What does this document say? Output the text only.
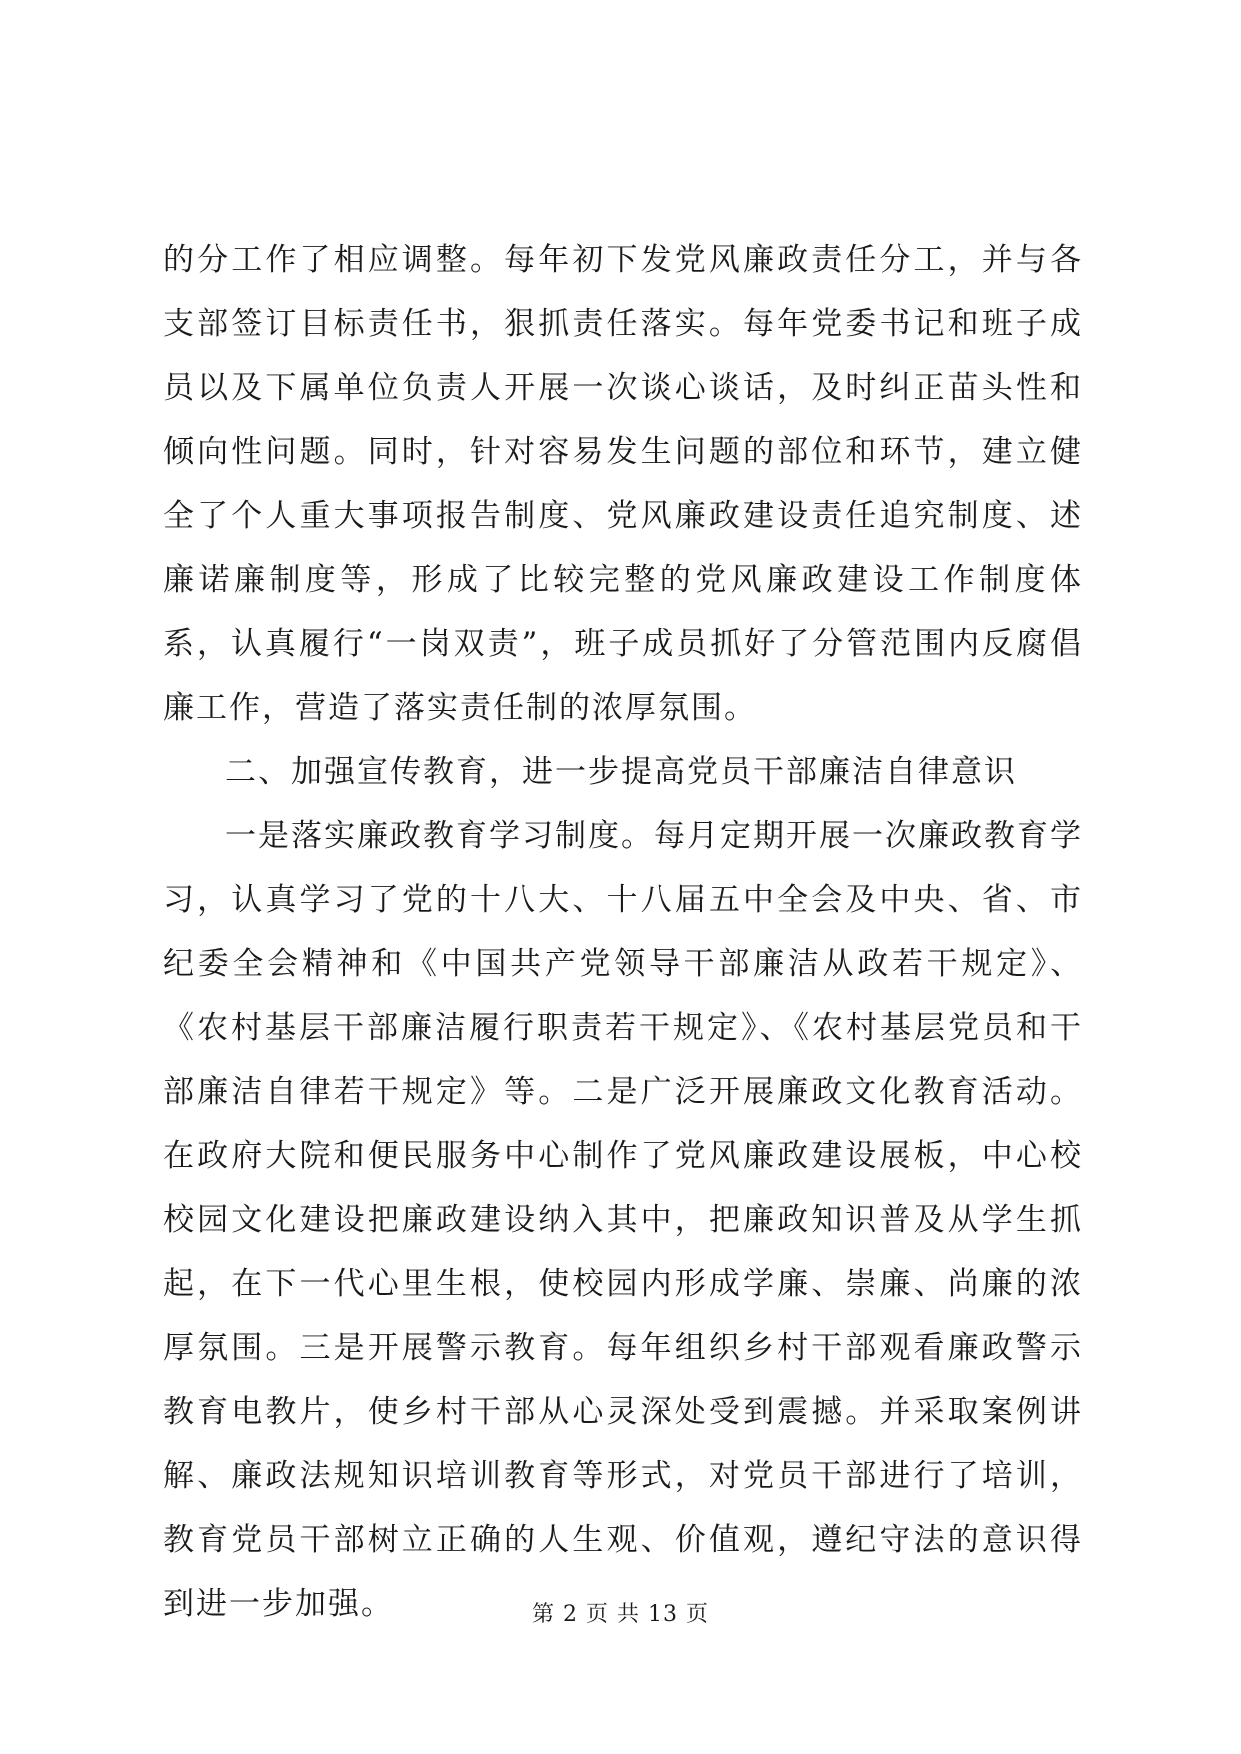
的分工作了相应调整。每年初下发党风廉政责任分工，并与各支部签订目标责任书，狠抓责任落实。每年党委书记和班子成员以及下属单位负责人开展一次谈心谈话，及时纠正苗头性和倾向性问题。同时，针对容易发生问题的部位和环节，建立健全了个人重大事项报告制度、党风廉政建设责任追究制度、述廉诺廉制度等，形成了比较完整的党风廉政建设工作制度体系，认真履行“一岗双责”，班子成员抓好了分管范围内反腐倡廉工作，营造了落实责任制的浓厚氛围。

二、加强宣传教育，进一步提高党员干部廉洁自律意识

一是落实廉政教育学习制度。每月定期开展一次廉政教育学习，认真学习了党的十八大、十八届五中全会及中央、省、市纪委全会精神和《中国共产党领导干部廉洁从政若干规定》、《农村基层干部廉洁履行职责若干规定》、《农村基层党员和干部廉洁自律若干规定》等。二是广泛开展廉政文化教育活动。在政府大院和便民服务中心制作了党风廉政建设展板，中心校校园文化建设把廉政建设纳入其中，把廉政知识普及从学生抓起，在下一代心里生根，使校园内形成学廉、崇廉、尚廉的浓厚氛围。三是开展警示教育。每年组织乡村干部观看廉政警示教育电教片，使乡村干部从心灵深处受到震撼。并采取案例讲解、廉政法规知识培训教育等形式，对党员干部进行了培训，教育党员干部树立正确的人生观、价值观，遵纪守法的意识得到进一步加强。	第 2 页 共 13 页
